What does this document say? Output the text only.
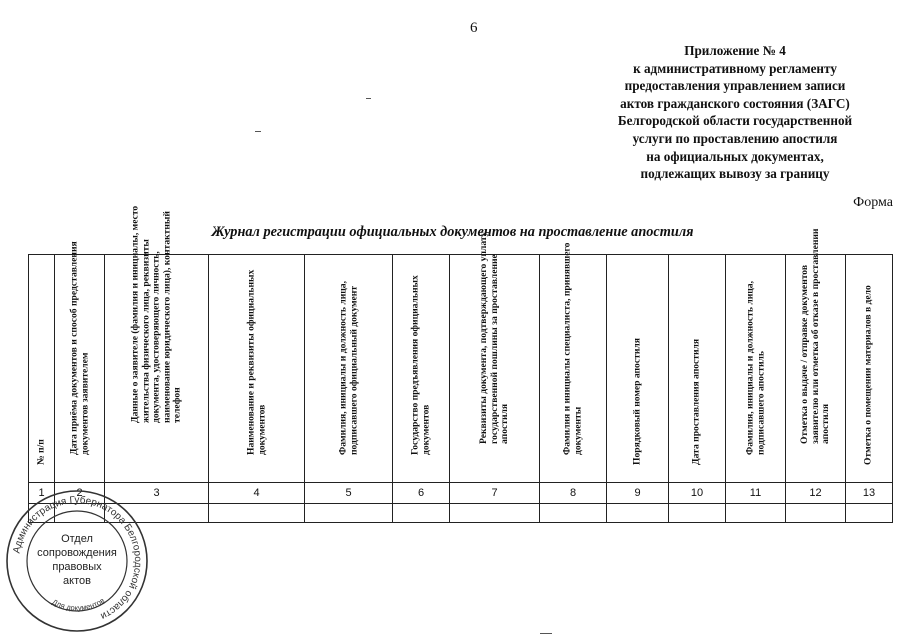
6
Приложение № 4
к административному регламенту
предоставления управлением записи
актов гражданского состояния (ЗАГС)
Белгородской области государственной
услуги по проставлению апостиля
на официальных документах,
подлежащих вывозу за границу
Форма
Журнал регистрации официальных документов на проставление апостиля
№ п/п	Дата приёма документов и способ представления документов заявителем	Данные о заявителе (фамилия и инициалы, место жительства физического лица, реквизиты документа, удостоверяющего личность, наименование юридического лица), контактный телефон	Наименование и реквизиты официальных документов	Фамилия, инициалы и должность лица, подписавшего официальный документ	Государство предъявления официальных документов	Реквизиты документа, подтверждающего уплату государственной пошлины за проставление апостиля	Фамилия и инициалы специалиста, принявшего документы	Порядковый номер апостиля	Дата проставления апостиля	Фамилия, инициалы и должность лица, подписавшего апостиль	Отметка о выдаче / отправке документов заявителю или отметка об отказе в проставлении апостиля	Отметка о помещении материалов в дело

1	2	3	4	5	6	7	8	9	10	11	12	13

Администрация Губернатора Белгородской области
Для документов
Отдел
сопровождения
правовых
актов
